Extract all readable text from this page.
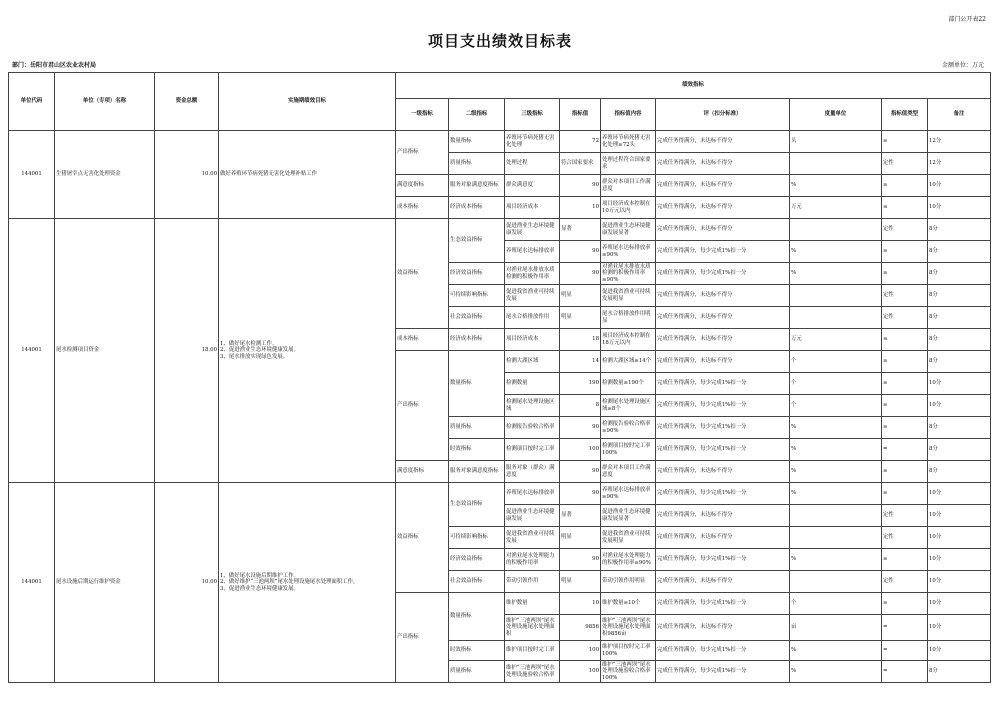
部门公开表22
项目支出绩效目标表
部门：岳阳市君山区农业农村局	金额单位：万元
单位代码	单位（专项）名称	资金总额	实施期绩效目标	绩效指标								
				一级指标	二级指标	三级指标	指标值	指标值内容	评（扣分标准）	度量单位	指标值类型	备注
144001	生猪屠宰点无害化处理资金	10.00	做好养殖环节病死猪无害化处理补贴工作	产出指标	数量指标	养殖环节病死猪无害化处理	72	养殖环节病死猪无害化处理≥72头	完成任务得满分，未达标不得分	头	≥	12分
					质量指标	处理过程	符合国家要求	处理过程符合国家要求	完成任务得满分，未达标不得分		定性	12分
				满意度指标	服务对象满意度指标	群众满意度	90	群众对本项目工作满意度	完成任务得满分，未达标不得分	%	≥	10分
				成本指标	经济成本指标	项目经济成本	10	项目经济成本控制在10万元以内	完成任务得满分，未达标不得分	万元	≤	10分
144001	尾水检测项目资金	18.00	1、做好尾水检测工作。
2、促进渔业生态环境健康发展。
3、尾水排放实现绿色发展。	效益指标	生态效益指标	促进渔业生态环境健康发展	显著	促进渔业生态环境健康发展显著	完成任务得满分，未达标不得分		定性	8分
						养殖尾水达标排放率	90	养殖尾水达标排放率≥90%	完成任务得满分，每少完成1%扣一分	%	≥	8分
					经济效益指标	对渔业尾水排放水质检测的积极作用率	90	对渔业尾水排放水质检测的积极作用率≥90%	完成任务得满分，每少完成1%扣一分	%	≥	8分
					可持续影响指标	促进我省渔业可持续发展	明显	促进我省渔业可持续发展明显	完成任务得满分，未达标不得分		定性	8分
					社会效益指标	尾水合格排放作用	明显	尾水合格排放作用明显	完成任务得满分，未达标不得分		定性	8分
				成本指标	经济成本指标	项目经济成本	18	项目经济成本控制在18万元以内	完成任务得满分，未达标不得分	万元	≤	8分
				产出指标	数量指标	检测大湖区域	14	检测大湖区域≥14个	完成任务得满分，未达标不得分	个	≥	8分
						检测数量	190	检测数量≥190个	完成任务得满分，每少完成1%扣一分	个	≥	10分
						检测尾水处理设施区域	8	检测尾水处理设施区域≥8个	完成任务得满分，每少完成1%扣一分	个	≥	10分
					质量指标	检测报告验收合格率	90	检测报告验收合格率≥90%	完成任务得满分，每少完成1%扣一分	%	≥	8分
					时效指标	检测项目按时完工率	100	检测项目按时完工率100%	完成任务得满分，每少完成1%扣一分	%	=	8分
				满意度指标	服务对象满意度指标	服务对象（群众）满意度	90	群众对本项目工作满意度	完成任务得满分，未达标不得分	%	≥	8分
144001	尾水设施后期运行维护资金	10.00	1、做好尾水设施后期维护工作。
2、做好维护“三池两坝”尾水处理设施尾水处理面积工作。
3、促进渔业生态环境健康发展。	效益指标	生态效益指标	养殖尾水达标排放率	90	养殖尾水达标排放率≥90%	完成任务得满分，每少完成1%扣一分	%	≥	10分
						促进渔业生态环境健康发展	显著	促进渔业生态环境健康发展显著	完成任务得满分，未达标不得分		定性	10分
					可持续影响指标	促进我省渔业可持续发展	明显	促进我省渔业可持续发展明显	完成任务得满分，未达标不得分		定性	10分
					经济效益指标	对渔业尾水处理能力的积极作用率	90	对渔业尾水处理能力的积极作用率≥90%	完成任务得满分，每少完成1%扣一分	%	≥	10分
					社会效益指标	带动引领作用	明显	带动引领作用明显	完成任务得满分，未达标不得分		定性	10分
				产出指标	数量指标	维护数量	10	维护数量≥10个	完成任务得满分，每少完成1%扣一分	个	≥	10分
						维护“三池两坝”尾水处理设施尾水处理面积	9856	维护“三池两坝”尾水处理设施尾水处理面积9856亩	完成任务得满分，未达标不得分	亩	=	10分
					时效指标	维护项目按时完工率	100	维护项目按时完工率100%	完成任务得满分，每少完成1%扣一分	%	=	10分
					质量指标	维护“三池两坝”尾水处理设施验收合格率	100	维护“三池两坝”尾水处理设施验收合格率100%	完成任务得满分，每少完成1%扣一分	%	=	8分
